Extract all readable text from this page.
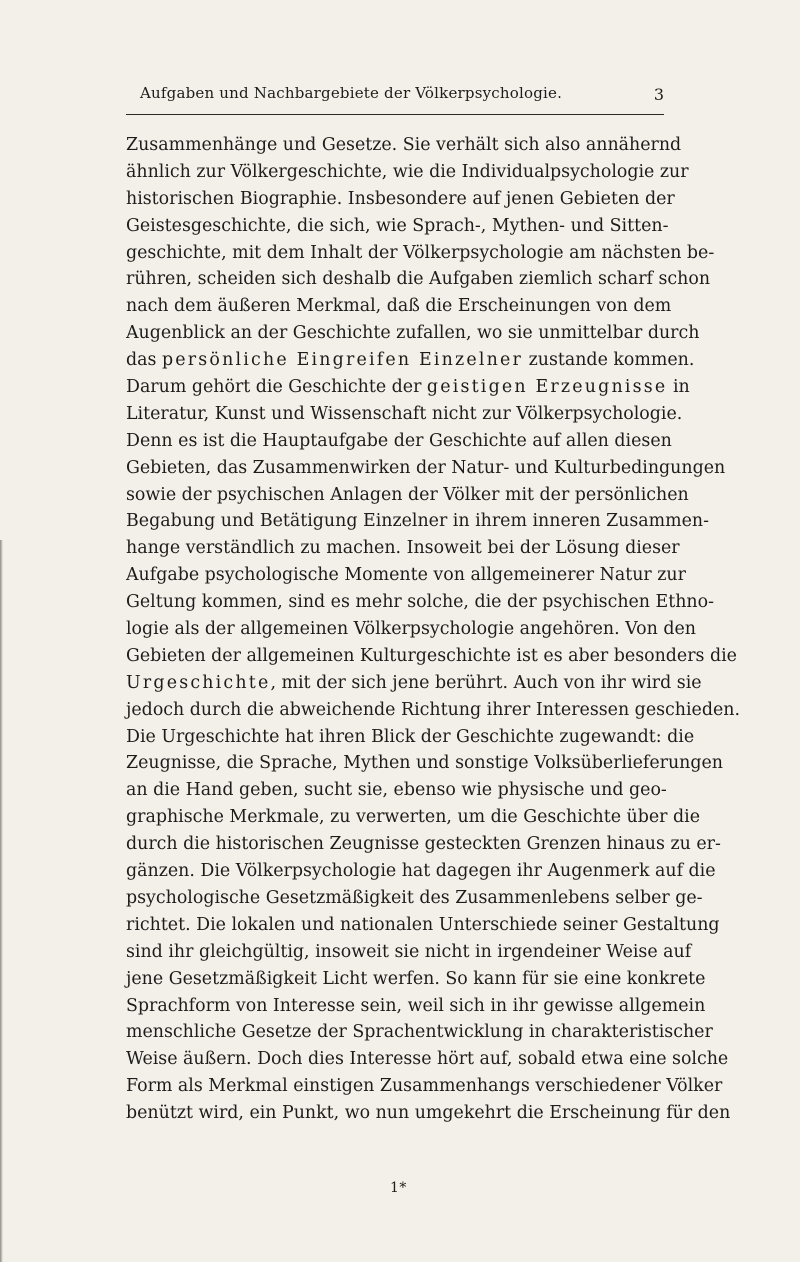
Aufgaben und Nachbargebiete der Völkerpsychologie.	3
Zusammenhänge und Gesetze. Sie verhält sich also annähernd
ähnlich zur Völkergeschichte, wie die Individualpsychologie zur
historischen Biographie. Insbesondere auf jenen Gebieten der
Geistesgeschichte, die sich, wie Sprach-, Mythen- und Sitten-
geschichte, mit dem Inhalt der Völkerpsychologie am nächsten be-
rühren, scheiden sich deshalb die Aufgaben ziemlich scharf schon
nach dem äußeren Merkmal, daß die Erscheinungen von dem
Augenblick an der Geschichte zufallen, wo sie unmittelbar durch
das persönliche Eingreifen Einzelner zustande kommen.
Darum gehört die Geschichte der geistigen Erzeugnisse in
Literatur, Kunst und Wissenschaft nicht zur Völkerpsychologie.
Denn es ist die Hauptaufgabe der Geschichte auf allen diesen
Gebieten, das Zusammenwirken der Natur- und Kulturbedingungen
sowie der psychischen Anlagen der Völker mit der persönlichen
Begabung und Betätigung Einzelner in ihrem inneren Zusammen-
hange verständlich zu machen. Insoweit bei der Lösung dieser
Aufgabe psychologische Momente von allgemeinerer Natur zur
Geltung kommen, sind es mehr solche, die der psychischen Ethno-
logie als der allgemeinen Völkerpsychologie angehören. Von den
Gebieten der allgemeinen Kulturgeschichte ist es aber besonders die
Urgeschichte, mit der sich jene berührt. Auch von ihr wird sie
jedoch durch die abweichende Richtung ihrer Interessen geschieden.
Die Urgeschichte hat ihren Blick der Geschichte zugewandt: die
Zeugnisse, die Sprache, Mythen und sonstige Volksüberlieferungen
an die Hand geben, sucht sie, ebenso wie physische und geo-
graphische Merkmale, zu verwerten, um die Geschichte über die
durch die historischen Zeugnisse gesteckten Grenzen hinaus zu er-
gänzen. Die Völkerpsychologie hat dagegen ihr Augenmerk auf die
psychologische Gesetzmäßigkeit des Zusammenlebens selber ge-
richtet. Die lokalen und nationalen Unterschiede seiner Gestaltung
sind ihr gleichgültig, insoweit sie nicht in irgendeiner Weise auf
jene Gesetzmäßigkeit Licht werfen. So kann für sie eine konkrete
Sprachform von Interesse sein, weil sich in ihr gewisse allgemein
menschliche Gesetze der Sprachentwicklung in charakteristischer
Weise äußern. Doch dies Interesse hört auf, sobald etwa eine solche
Form als Merkmal einstigen Zusammenhangs verschiedener Völker
benützt wird, ein Punkt, wo nun umgekehrt die Erscheinung für den
1*
